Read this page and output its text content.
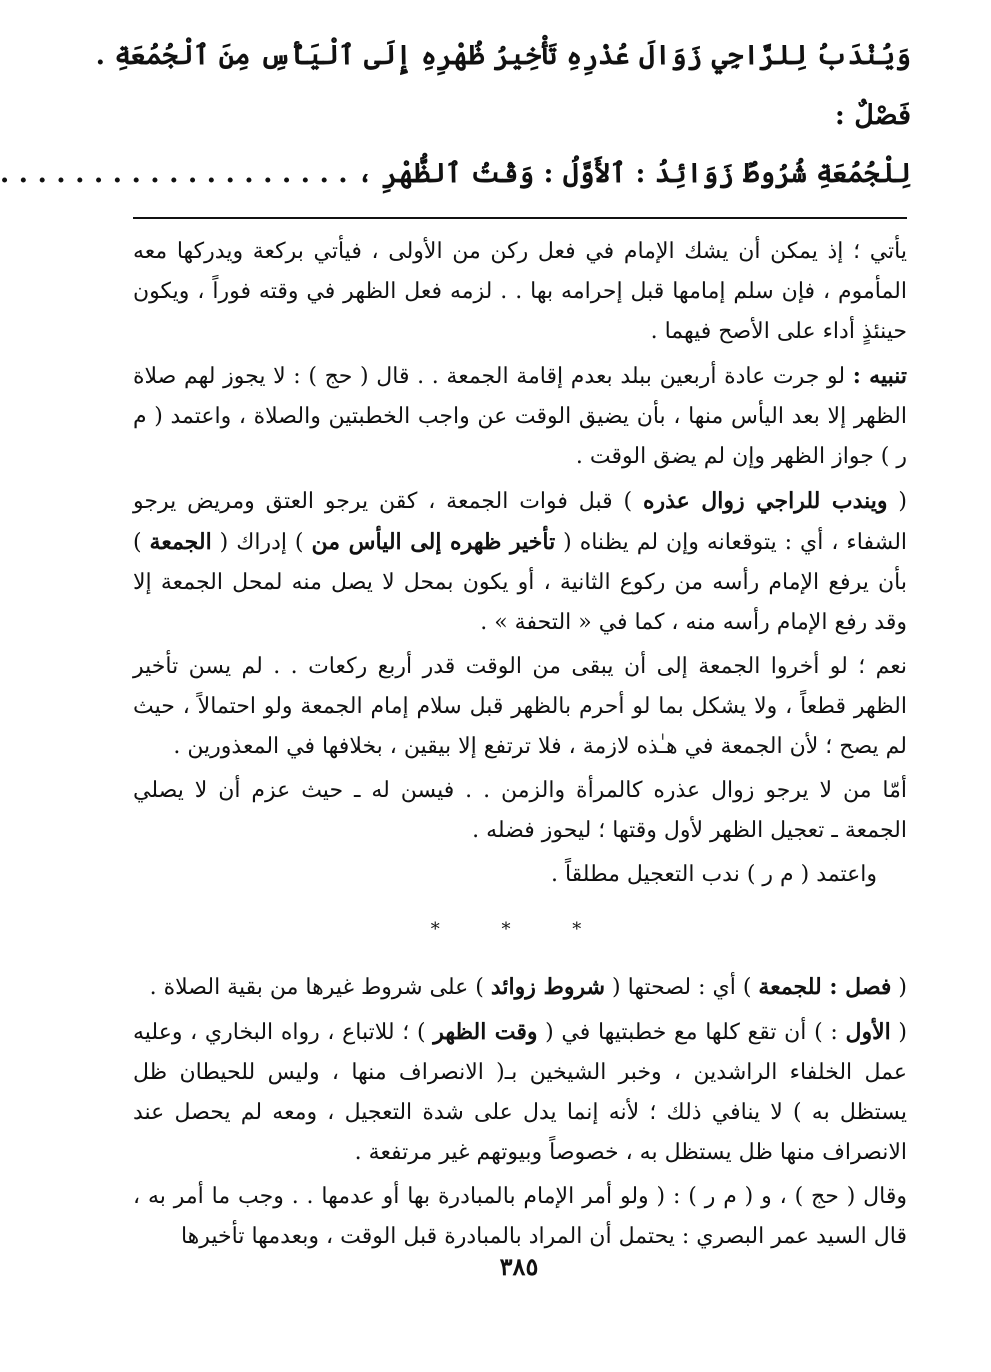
وَيُنْدَبُ لِلرَّاجِي زَوَالَ عُذْرِهِ تَأْخِيرُ ظُهْرِهِ إِلَى ٱلْيَأْسِ مِنَ ٱلْجُمُعَةِ .
فَصْلٌ :
لِلْجُمُعَةِ شُرُوطٌ زَوَائِدُ : ٱلأَوَّلُ : وَقْتُ ٱلظُّهْرِ ، . . . . . . . . . . . . . . . . . . .

يأتي ؛ إذ يمكن أن يشك الإمام في فعل ركن من الأولى ، فيأتي بركعة ويدركها معه المأموم ، فإن سلم إمامها قبل إحرامه بها . . لزمه فعل الظهر في وقته فوراً ، ويكون حينئذٍ أداء على الأصح فيهما .

تنبيه : لو جرت عادة أربعين ببلد بعدم إقامة الجمعة . . قال ( حج ) : لا يجوز لهم صلاة الظهر إلا بعد اليأس منها ، بأن يضيق الوقت عن واجب الخطبتين والصلاة ، واعتمد ( م ر ) جواز الظهر وإن لم يضق الوقت .

( ويندب للراجي زوال عذره ) قبل فوات الجمعة ، كقن يرجو العتق ومريض يرجو الشفاء ، أي : يتوقعانه وإن لم يظناه ( تأخير ظهره إلى اليأس من ) إدراك ( الجمعة ) بأن يرفع الإمام رأسه من ركوع الثانية ، أو يكون بمحل لا يصل منه لمحل الجمعة إلا وقد رفع الإمام رأسه منه ، كما في « التحفة » .

نعم ؛ لو أخروا الجمعة إلى أن يبقى من الوقت قدر أربع ركعات . . لم يسن تأخير الظهر قطعاً ، ولا يشكل بما لو أحرم بالظهر قبل سلام إمام الجمعة ولو احتمالاً ، حيث لم يصح ؛ لأن الجمعة في هـٰذه لازمة ، فلا ترتفع إلا بيقين ، بخلافها في المعذورين .

أمّا من لا يرجو زوال عذره كالمرأة والزمن . . فيسن له ـ حيث عزم أن لا يصلي الجمعة ـ تعجيل الظهر لأول وقتها ؛ ليحوز فضله .

واعتمد ( م ر ) ندب التعجيل مطلقاً .

* * *

( فصل : للجمعة ) أي : لصحتها ( شروط زوائد ) على شروط غيرها من بقية الصلاة .

( الأول : ) أن تقع كلها مع خطبتيها في ( وقت الظهر ) ؛ للاتباع ، رواه البخاري ، وعليه عمل الخلفاء الراشدين ، وخبر الشيخين بـ( الانصراف منها ، وليس للحيطان ظل يستظل به ) لا ينافي ذلك ؛ لأنه إنما يدل على شدة التعجيل ، ومعه لم يحصل عند الانصراف منها ظل يستظل به ، خصوصاً وبيوتهم غير مرتفعة .

وقال ( حج ) ، و ( م ر ) : ( ولو أمر الإمام بالمبادرة بها أو عدمها . . وجب ما أمر به ، قال السيد عمر البصري : يحتمل أن المراد بالمبادرة قبل الوقت ، وبعدمها تأخيرها

٣٨٥
